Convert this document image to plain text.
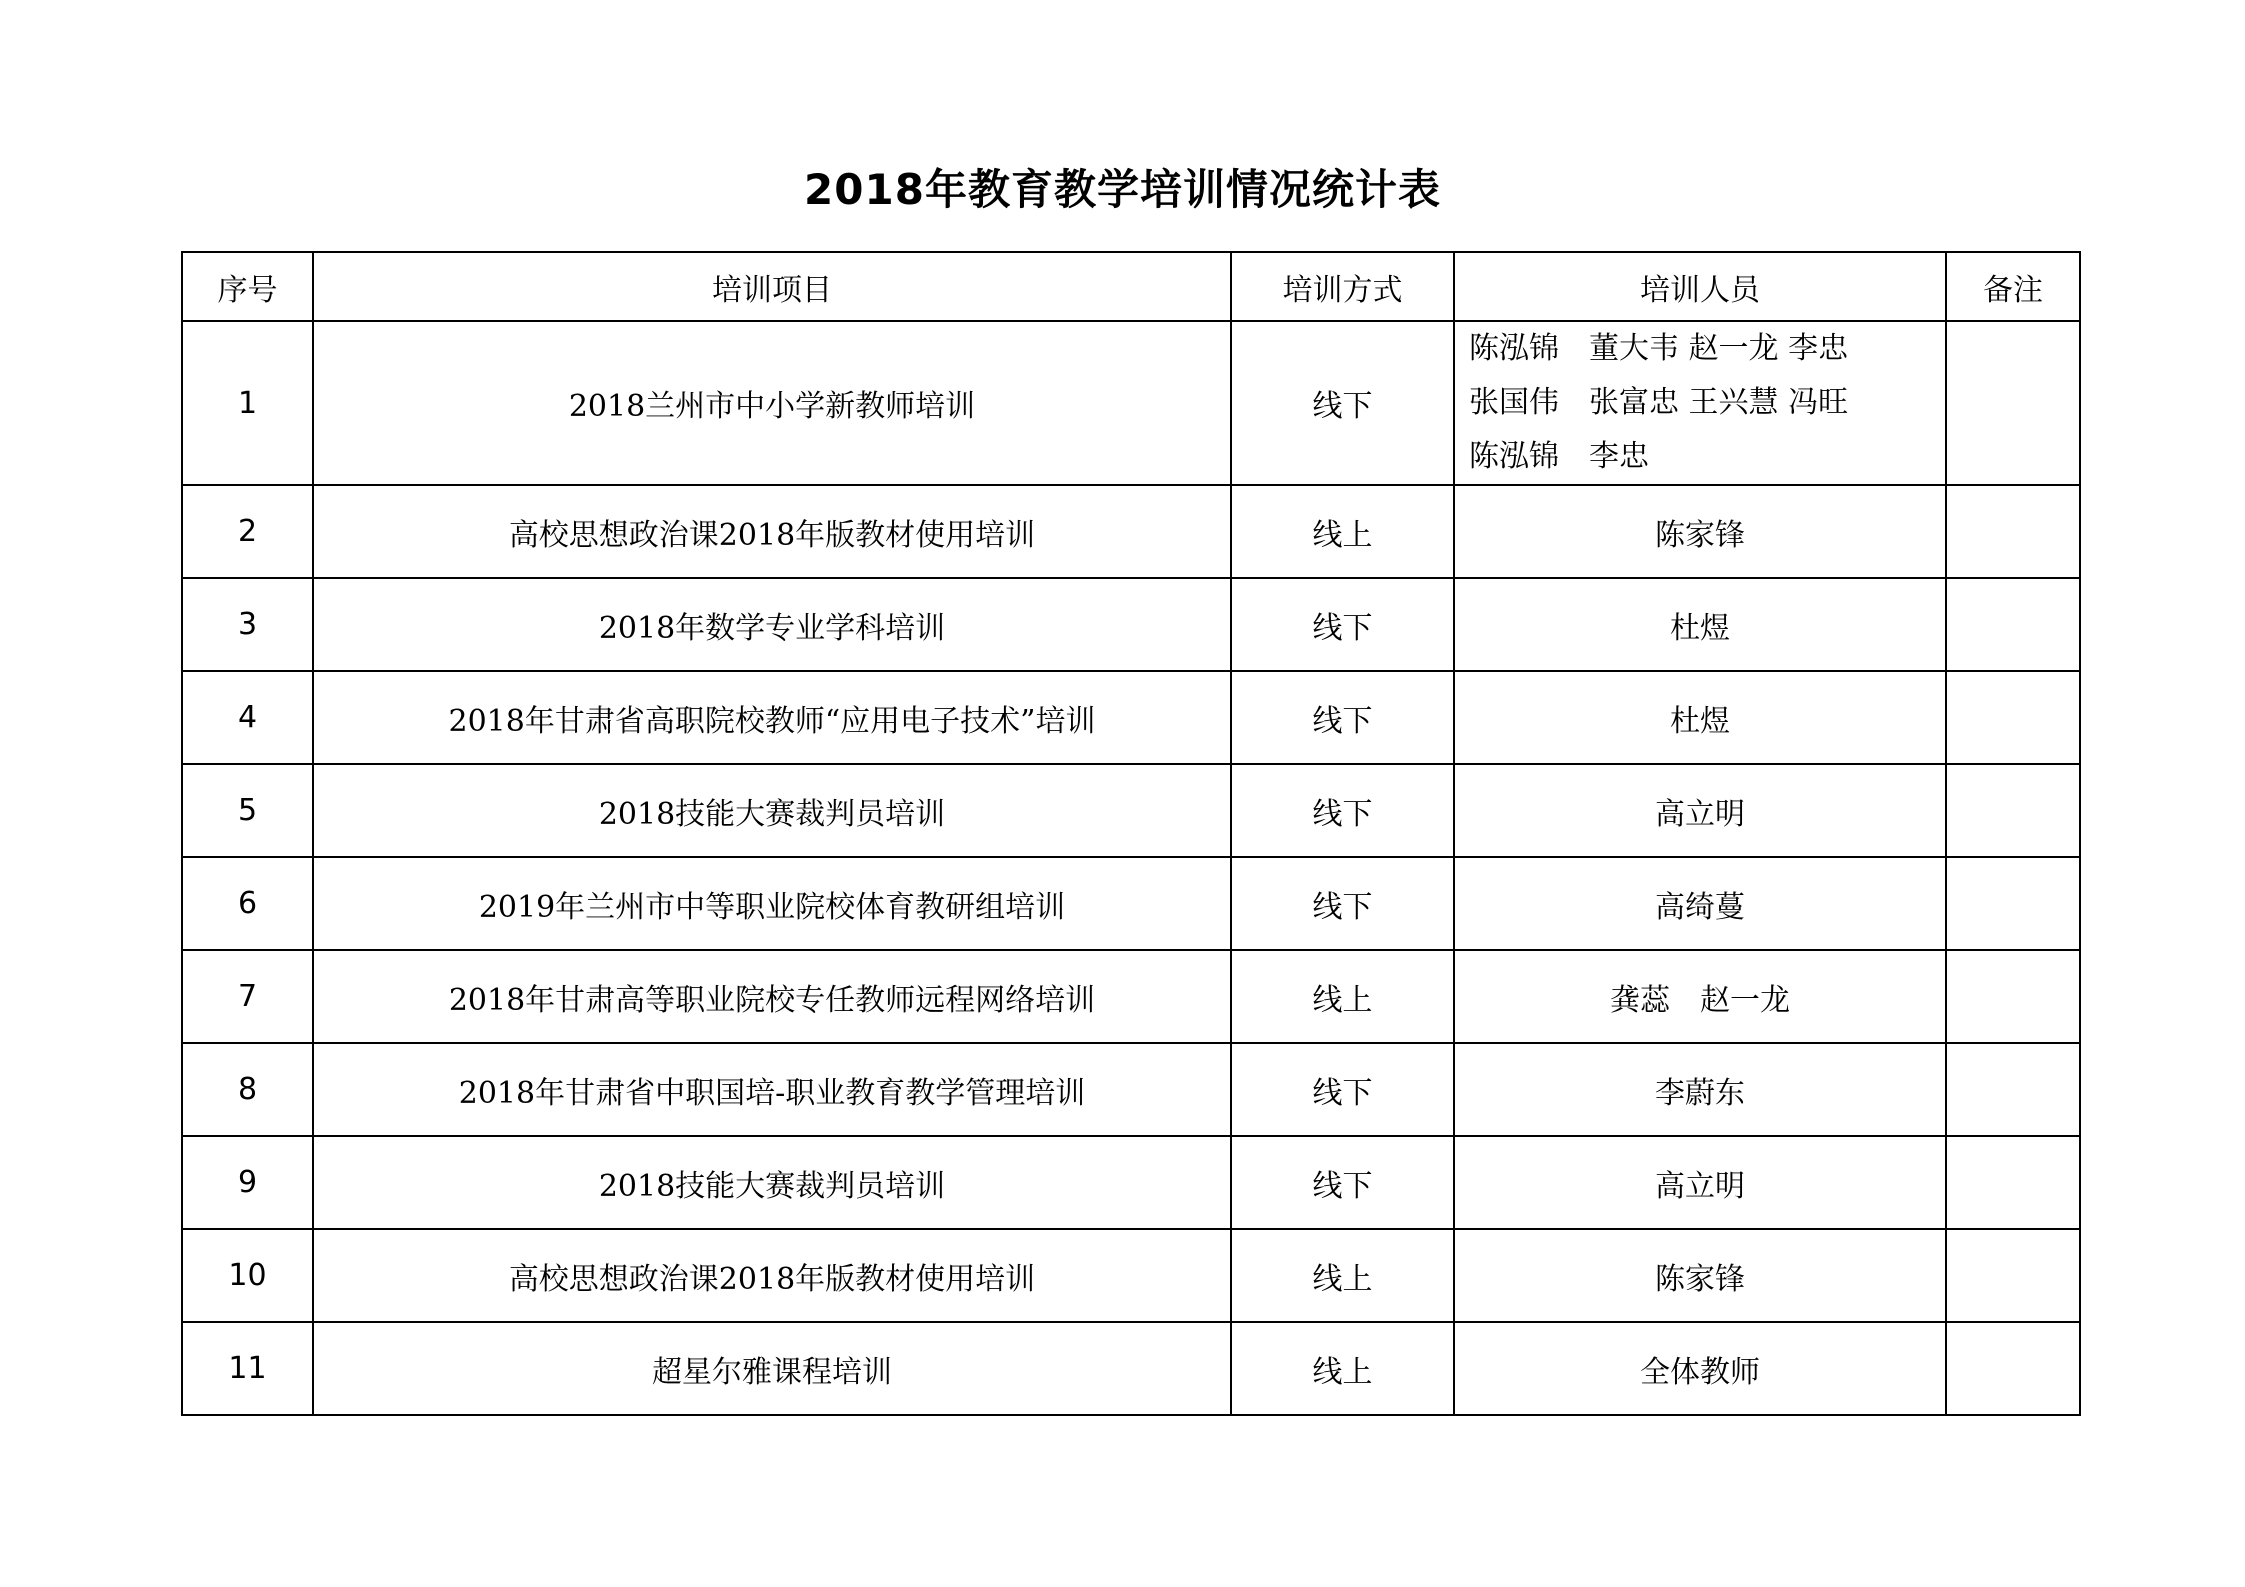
2018年教育教学培训情况统计表
序号	培训项目	培训方式	培训人员	备注
1	2018兰州市中小学新教师培训	线下	陈泓锦　董大韦 赵一龙 李忠
张国伟　张富忠 王兴慧 冯旺
陈泓锦　李忠	

2	高校思想政治课2018年版教材使用培训	线上	陈家锋	
3	2018年数学专业学科培训	线下	杜煜	
4	2018年甘肃省高职院校教师“应用电子技术”培训	线下	杜煜	
5	2018技能大赛裁判员培训	线下	高立明	
6	2019年兰州市中等职业院校体育教研组培训	线下	高绮蔓	
7	2018年甘肃高等职业院校专任教师远程网络培训	线上	龚蕊　赵一龙	
8	2018年甘肃省中职国培-职业教育教学管理培训	线下	李蔚东	
9	2018技能大赛裁判员培训	线下	高立明	
10	高校思想政治课2018年版教材使用培训	线上	陈家锋	
11	超星尔雅课程培训	线上	全体教师	
